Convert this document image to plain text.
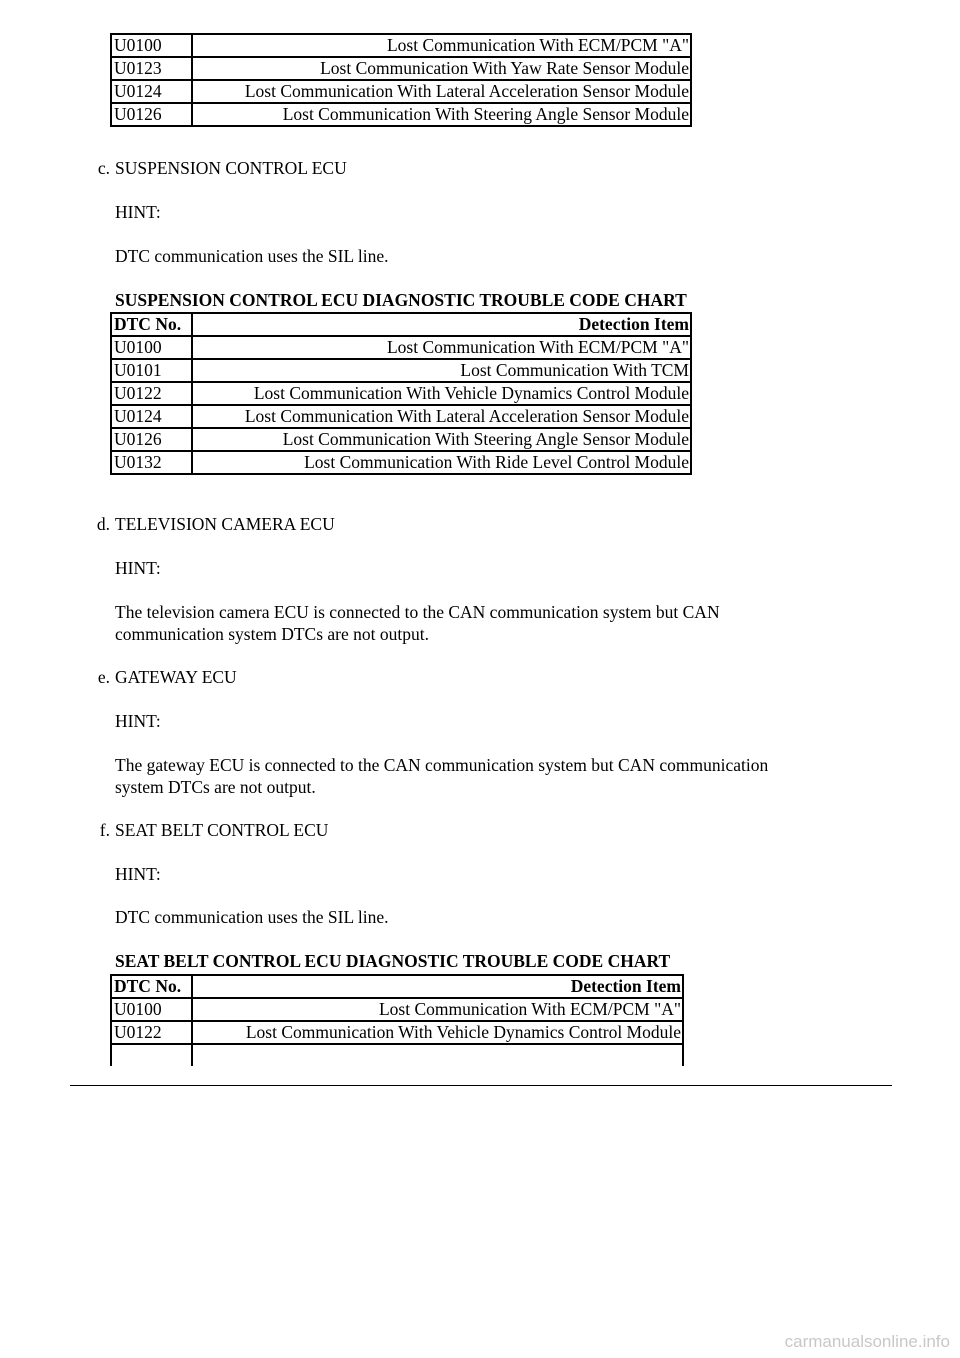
U0100	Lost Communication With ECM/PCM "A"
U0123	Lost Communication With Yaw Rate Sensor Module
U0124	Lost Communication With Lateral Acceleration Sensor Module
U0126	Lost Communication With Steering Angle Sensor Module
c. SUSPENSION CONTROL ECU
HINT:
DTC communication uses the SIL line.
SUSPENSION CONTROL ECU DIAGNOSTIC TROUBLE CODE CHART
DTC No.	Detection Item
U0100	Lost Communication With ECM/PCM "A"
U0101	Lost Communication With TCM
U0122	Lost Communication With Vehicle Dynamics Control Module
U0124	Lost Communication With Lateral Acceleration Sensor Module
U0126	Lost Communication With Steering Angle Sensor Module
U0132	Lost Communication With Ride Level Control Module
d. TELEVISION CAMERA ECU
HINT:
The television camera ECU is connected to the CAN communication system but CAN
communication system DTCs are not output.
e. GATEWAY ECU
HINT:
The gateway ECU is connected to the CAN communication system but CAN communication
system DTCs are not output.
f. SEAT BELT CONTROL ECU
HINT:
DTC communication uses the SIL line.
SEAT BELT CONTROL ECU DIAGNOSTIC TROUBLE CODE CHART
DTC No.	Detection Item
U0100	Lost Communication With ECM/PCM "A"
U0122	Lost Communication With Vehicle Dynamics Control Module

carmanualsonline.info
